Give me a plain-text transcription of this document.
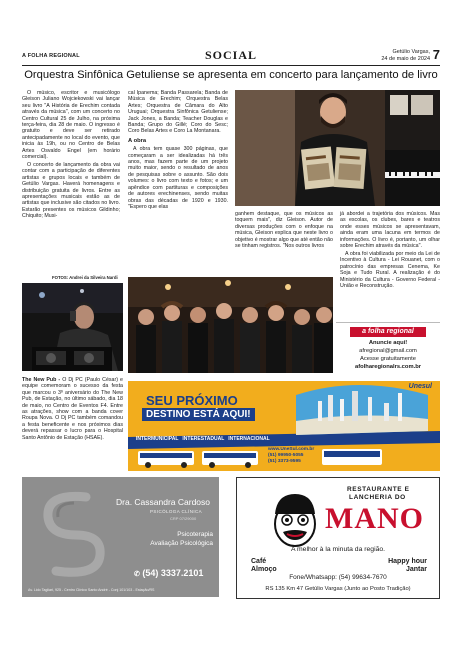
A FOLHA REGIONAL	SOCIAL	Getúlio Vargas,
24 de maio de 2024 7
Orquestra Sinfônica Getuliense se apresenta em concerto para lançamento de livro

O músico, escritor e musicólogo Gleison Juliano Wojciekowski vai lançar seu livro "A História de Erechim contada através da música", com um concerto no Centro Cultural 25 de Julho, na próxima terça-feira, dia 28 de maio. O ingresso é gratuito e deve ser retirado antecipadamente no local do evento, que inicia às 19h, ou no Centro de Belas Artes Osvaldo Engel (em horário comercial).

O concerto de lançamento da obra vai contar com a participação de diferentes artistas e grupos locais e também de Getúlio Vargas. Haverá homenagens e distribuição gratuita de livros. Entre as apresentações musicais estão as de artistas que inclusive são citados no livro. Estarão presentes os músicos Gildinho; Chiquito; Musi-

cal Ipanema; Banda Passarela; Banda de Música de Erechim; Orquestra Belas Artes; Orquestra de Câmara do Alto Uruguai; Orquestra Sinfônica Getuliense; Jack Jones, a Banda; Teacher Douglas e Banda; Grupo do Gillé; Coro do Sesc; Coro Belas Artes e Coro La Montanara.

A obra

A obra tem quase 300 páginas, que começaram a ser idealizadas há três anos, mas fazem parte de um projeto muito maior, sendo o resultado de anos de pesquisas sobre o assunto. São dois volumes: o livro com texto e fotos; e um apêndice com partituras e composições de autores erechinenses, sendo muitas obras das décadas de 1920 e 1930. "Espero que elas

ganhem destaque, que os músicos as toquem mais", diz Gleison. Autor de diversas produções com o enfoque na música, Gleison explica que neste livro o objetivo é mostrar algo que até então não se tinham registros. "Nos outros livros

já abordei a trajetória dos músicos. Mas as escolas, os clubes, bares e teatros onde esses músicos se apresentavam, ainda eram uma lacuna em termos de informações. O livro é, portanto, um olhar sobre Erechim através da música".

A obra foi viabilizada por meio da Lei de Incentivo à Cultura - Lei Rouanet, com o patrocínio das empresas Cenema, Ke Soja e Tudo Rural. A realização é do Ministério da Cultura - Governo Federal - União e Reconstrução.

FOTOS: Andrei da Silveira Nardi

The New Pub - O Dj PC (Paulo César) e equipe comemoram o sucesso da festa que marcou o 3º aniversário do The New Pub, de Estação, no último sábado, dia 18 de maio, no Centro de Eventos F4. Entre as atrações, show com a banda cover Roupa Nova. O Dj PC também comandou a festa beneficente e nos próximos dias deverá repassar o lucro para o Hospital Santo Antônio de Estação (HSAE).

a folha regional
Anuncie aqui!
afregional@gmail.com
Acesse gratuitamente
afolharegionalrs.com.br
Unesul
SEU PRÓXIMO
DESTINO ESTÁ AQUI!
INTERMUNICIPAL INTERESTADUAL INTERNACIONAL
www.UneSul.com.br
(51) 99950-5055
(51) 3373-9595
Dra. Cassandra Cardoso
PSICÓLOGA CLÍNICA
CRP 07/29000
Psicoterapia
Avaliação Psicológica
✆ (54) 3337.2101
Av. Lido Tagliari, 925 - Centro Clínico Santo André - Conj 101/103 - Estação/RS
RESTAURANTE E
LANCHERIA DO
MANO
A melhor à la minuta da região.
Café
Almoço
Happy hour
Jantar
Fone/Whatsapp: (54) 99634-7670
RS 135 Km 47 Getúlio Vargas (Junto ao Posto Tradição)
